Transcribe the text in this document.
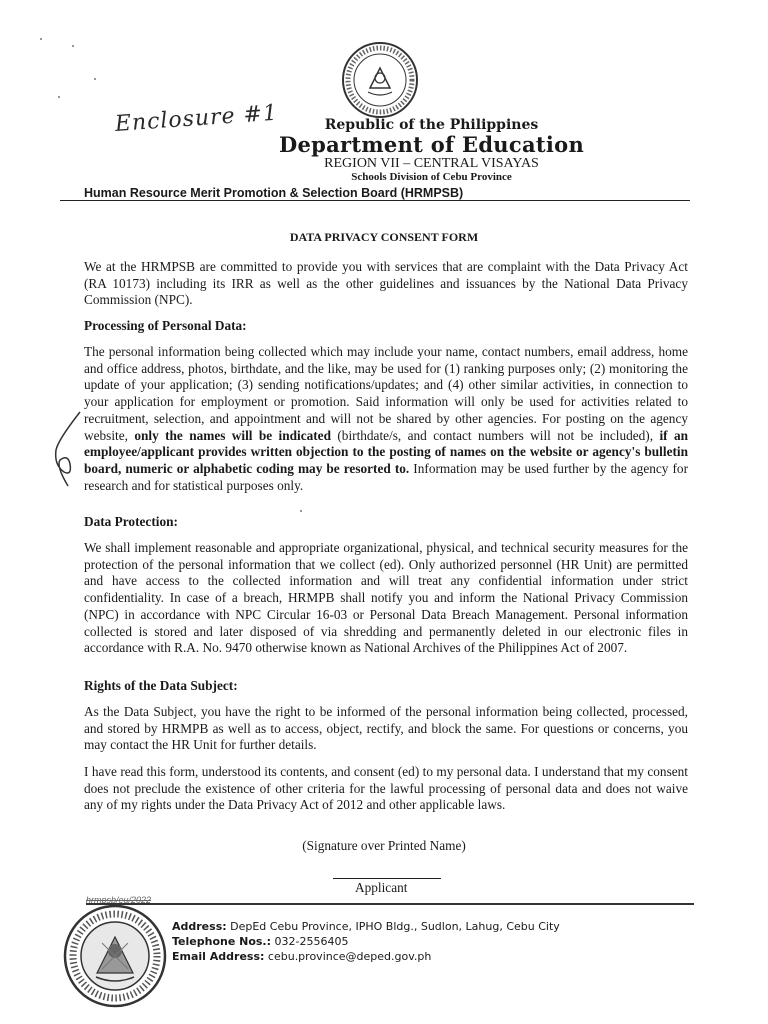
Enclosure #1	Republic of the Philippines
Department of Education
REGION VII – CENTRAL VISAYAS
Schools Division of Cebu Province
Human Resource Merit Promotion & Selection Board (HRMPSB)
DATA PRIVACY CONSENT FORM
We at the HRMPSB are committed to provide you with services that are complaint with the Data Privacy Act (RA 10173) including its IRR as well as the other guidelines and issuances by the National Data Privacy Commission (NPC).
Processing of Personal Data:
The personal information being collected which may include your name, contact numbers, email address, home and office address, photos, birthdate, and the like, may be used for (1) ranking purposes only; (2) monitoring the update of your application; (3) sending notifications/updates; and (4) other similar activities, in connection to your application for employment or promotion. Said information will only be used for activities related to recruitment, selection, and appointment and will not be shared by other agencies. For posting on the agency website, only the names will be indicated (birthdate/s, and contact numbers will not be included), if an employee/applicant provides written objection to the posting of names on the website or agency's bulletin board, numeric or alphabetic coding may be resorted to. Information may be used further by the agency for research and for statistical purposes only.
Data Protection:
We shall implement reasonable and appropriate organizational, physical, and technical security measures for the protection of the personal information that we collect (ed). Only authorized personnel (HR Unit) are permitted and have access to the collected information and will treat any confidential information under strict confidentiality. In case of a breach, HRMPB shall notify you and inform the National Privacy Commission (NPC) in accordance with NPC Circular 16-03 or Personal Data Breach Management. Personal information collected is stored and later disposed of via shredding and permanently deleted in our electronic files in accordance with R.A. No. 9470 otherwise known as National Archives of the Philippines Act of 2007.
Rights of the Data Subject:
As the Data Subject, you have the right to be informed of the personal information being collected, processed, and stored by HRMPB as well as to access, object, rectify, and block the same. For questions or concerns, you may contact the HR Unit for further details.
I have read this form, understood its contents, and consent (ed) to my personal data. I understand that my consent does not preclude the existence of other criteria for the lawful processing of personal data and does not waive any of my rights under the Data Privacy Act of 2012 and other applicable laws.
(Signature over Printed Name)
Applicant
hrmpsb/eu/2022
Address: DepEd Cebu Province, IPHO Bldg., Sudlon, Lahug, Cebu City
Telephone Nos.: 032-2556405
Email Address: cebu.province@deped.gov.ph
